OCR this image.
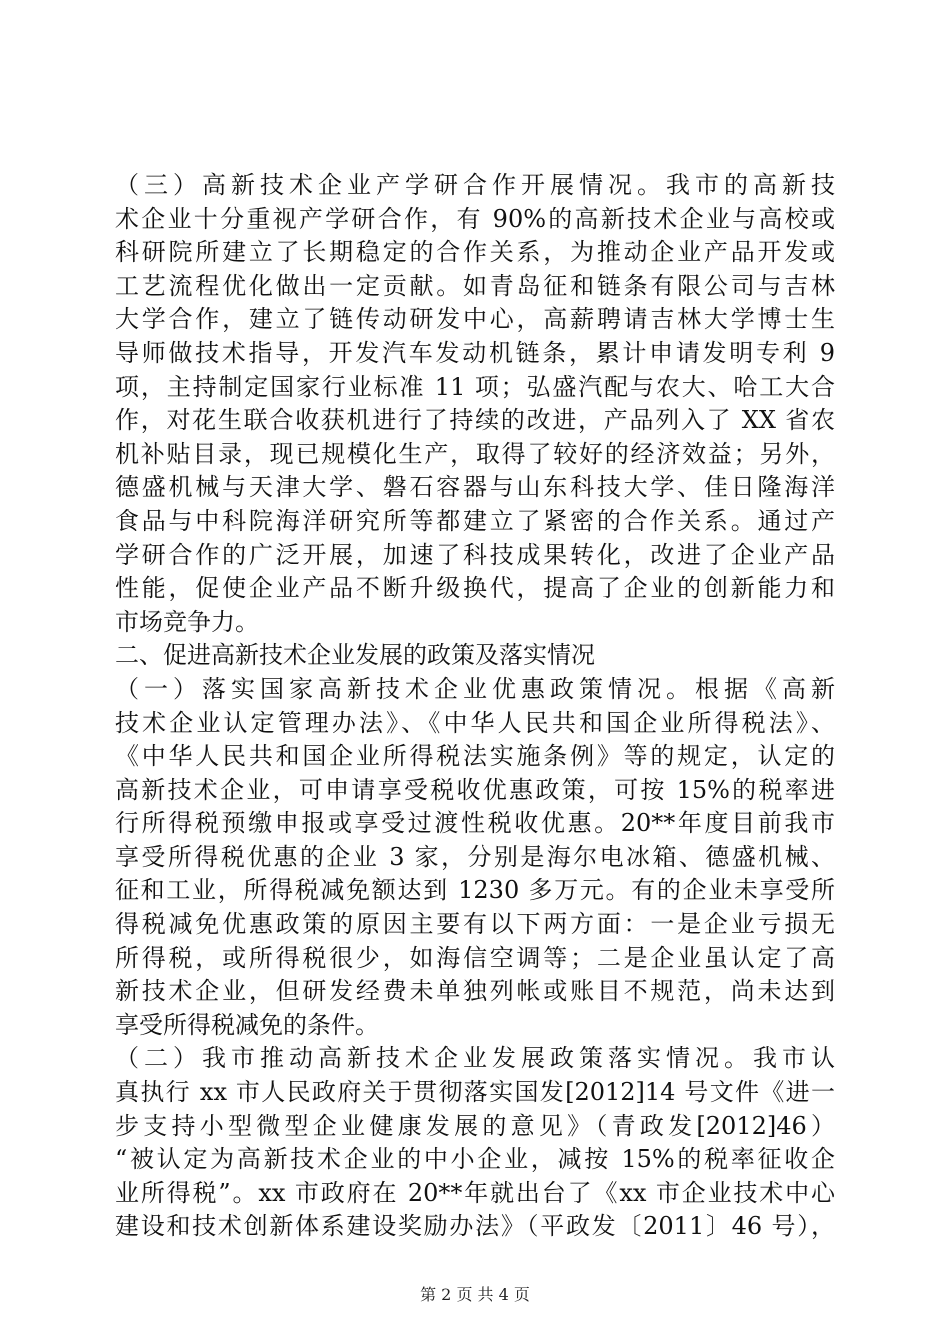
（三）高新技术企业产学研合作开展情况。我市的高新技
术企业十分重视产学研合作，有 90%的高新技术企业与高校或
科研院所建立了长期稳定的合作关系，为推动企业产品开发或
工艺流程优化做出一定贡献。如青岛征和链条有限公司与吉林
大学合作，建立了链传动研发中心，高薪聘请吉林大学博士生
导师做技术指导，开发汽车发动机链条，累计申请发明专利 9
项，主持制定国家行业标准 11 项；弘盛汽配与农大、哈工大合
作，对花生联合收获机进行了持续的改进，产品列入了 XX 省农
机补贴目录，现已规模化生产，取得了较好的经济效益；另外，
德盛机械与天津大学、磐石容器与山东科技大学、佳日隆海洋
食品与中科院海洋研究所等都建立了紧密的合作关系。通过产
学研合作的广泛开展，加速了科技成果转化，改进了企业产品
性能，促使企业产品不断升级换代，提高了企业的创新能力和
市场竞争力。
二、促进高新技术企业发展的政策及落实情况
（一）落实国家高新技术企业优惠政策情况。根据《高新
技术企业认定管理办法》、《中华人民共和国企业所得税法》、
《中华人民共和国企业所得税法实施条例》等的规定，认定的
高新技术企业，可申请享受税收优惠政策，可按 15%的税率进
行所得税预缴申报或享受过渡性税收优惠。20**年度目前我市
享受所得税优惠的企业 3 家，分别是海尔电冰箱、德盛机械、
征和工业，所得税减免额达到 1230 多万元。有的企业未享受所
得税减免优惠政策的原因主要有以下两方面：一是企业亏损无
所得税，或所得税很少，如海信空调等；二是企业虽认定了高
新技术企业，但研发经费未单独列帐或账目不规范，尚未达到
享受所得税减免的条件。
（二）我市推动高新技术企业发展政策落实情况。我市认
真执行 xx 市人民政府关于贯彻落实国发[2012]14 号文件《进一
步支持小型微型企业健康发展的意见》（青政发[2012]46）
“被认定为高新技术企业的中小企业，减按 15%的税率征收企
业所得税”。xx 市政府在 20**年就出台了《xx 市企业技术中心
建设和技术创新体系建设奖励办法》（平政发〔2011〕46 号），
第 2 页 共 4 页
